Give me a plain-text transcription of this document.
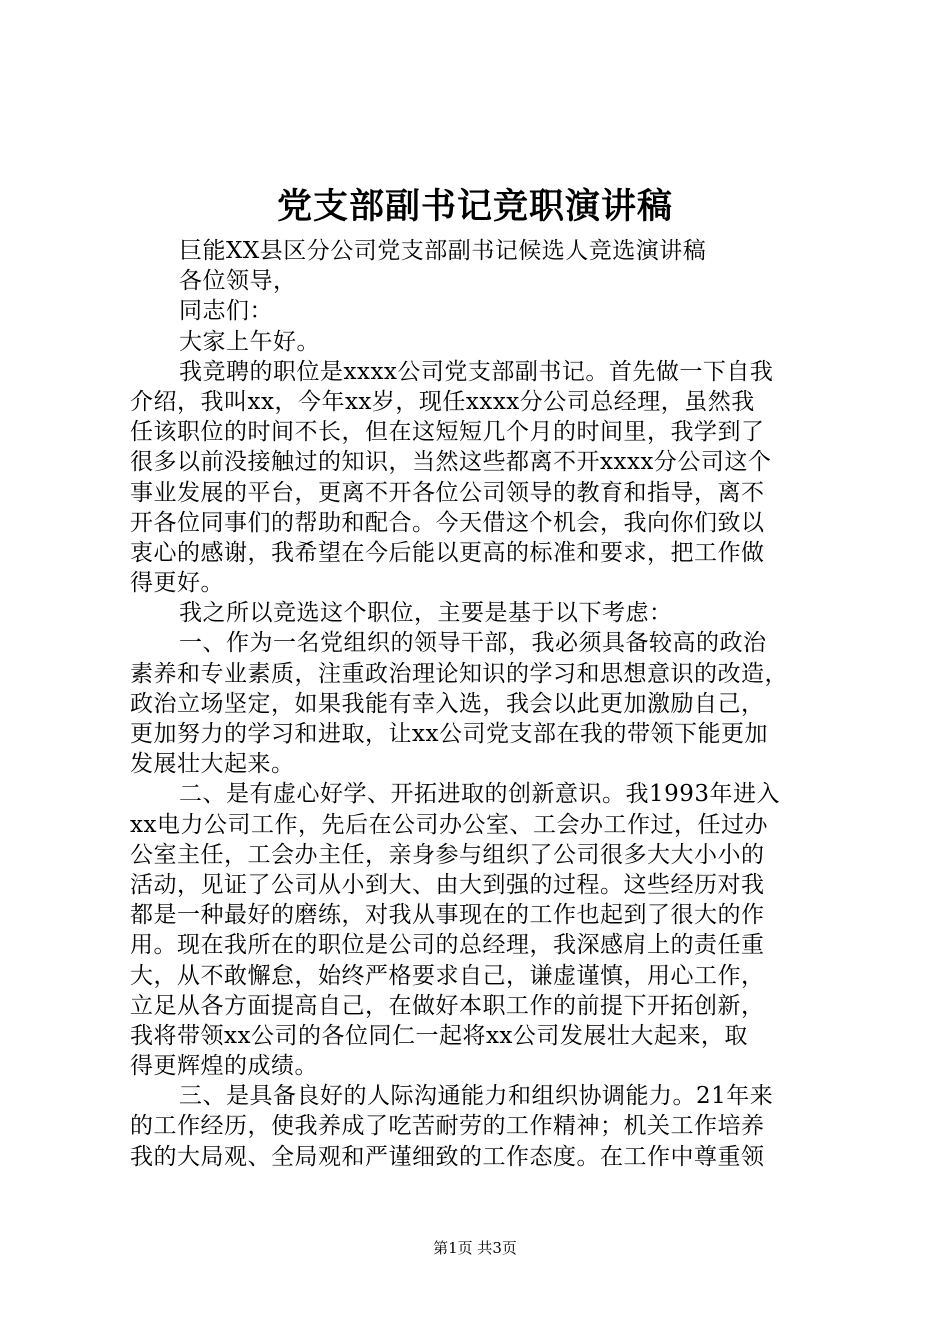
党支部副书记竞职演讲稿
巨能XX县区分公司党支部副书记候选人竞选演讲稿
各位领导，
同志们：
大家上午好。
我竞聘的职位是xxxx公司党支部副书记。首先做一下自我
介绍，我叫xx，今年xx岁，现任xxxx分公司总经理，虽然我
任该职位的时间不长，但在这短短几个月的时间里，我学到了
很多以前没接触过的知识，当然这些都离不开xxxx分公司这个
事业发展的平台，更离不开各位公司领导的教育和指导，离不
开各位同事们的帮助和配合。今天借这个机会，我向你们致以
衷心的感谢，我希望在今后能以更高的标准和要求，把工作做
得更好。
我之所以竞选这个职位，主要是基于以下考虑：
一、作为一名党组织的领导干部，我必须具备较高的政治
素养和专业素质，注重政治理论知识的学习和思想意识的改造，
政治立场坚定，如果我能有幸入选，我会以此更加激励自己，
更加努力的学习和进取，让xx公司党支部在我的带领下能更加
发展壮大起来。
二、是有虚心好学、开拓进取的创新意识。我1993年进入
xx电力公司工作，先后在公司办公室、工会办工作过，任过办
公室主任，工会办主任，亲身参与组织了公司很多大大小小的
活动，见证了公司从小到大、由大到强的过程。这些经历对我
都是一种最好的磨练，对我从事现在的工作也起到了很大的作
用。现在我所在的职位是公司的总经理，我深感肩上的责任重
大，从不敢懈怠，始终严格要求自己，谦虚谨慎，用心工作，
立足从各方面提高自己，在做好本职工作的前提下开拓创新，
我将带领xx公司的各位同仁一起将xx公司发展壮大起来，取
得更辉煌的成绩。
三、是具备良好的人际沟通能力和组织协调能力。21年来
的工作经历，使我养成了吃苦耐劳的工作精神；机关工作培养
我的大局观、全局观和严谨细致的工作态度。在工作中尊重领
第1页 共3页
